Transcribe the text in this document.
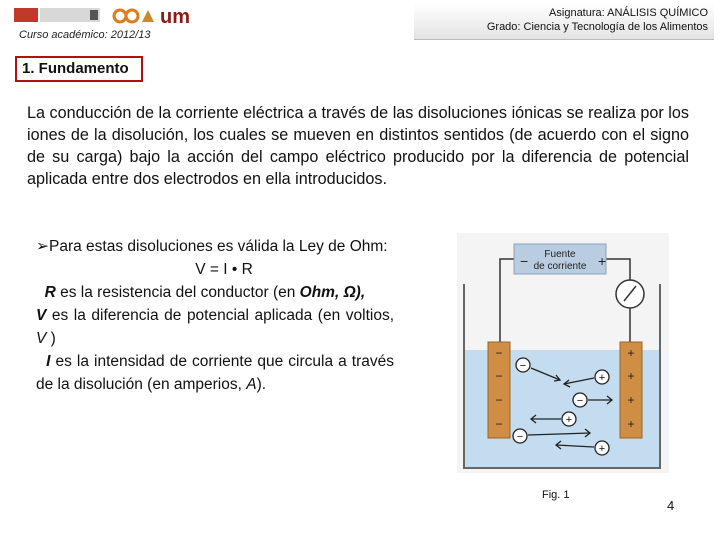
um
Curso académico: 2012/13
Asignatura: ANÁLISIS QUÍMICO
Grado: Ciencia y Tecnología de los Alimentos
1. Fundamento

La conducción de la corriente eléctrica a través de las disoluciones iónicas se realiza por los iones de la disolución, los cuales se mueven en distintos sentidos (de acuerdo con el signo de su carga) bajo la acción del campo eléctrico producido por la diferencia de potencial aplicada entre dos electrodos en ella introducidos.

➢Para estas disoluciones es válida la Ley de Ohm:

V = I • R

R es la resistencia del conductor (en Ohm, Ω),

V es la diferencia de potencial aplicada (en voltios, V )

I es la intensidad de corriente que circula a través de la disolución (en amperios, A).

Fuente
de corriente
−	+
−
−
−
−
+
+
+
+
−
+
−
+
−
+
Fig. 1
4
